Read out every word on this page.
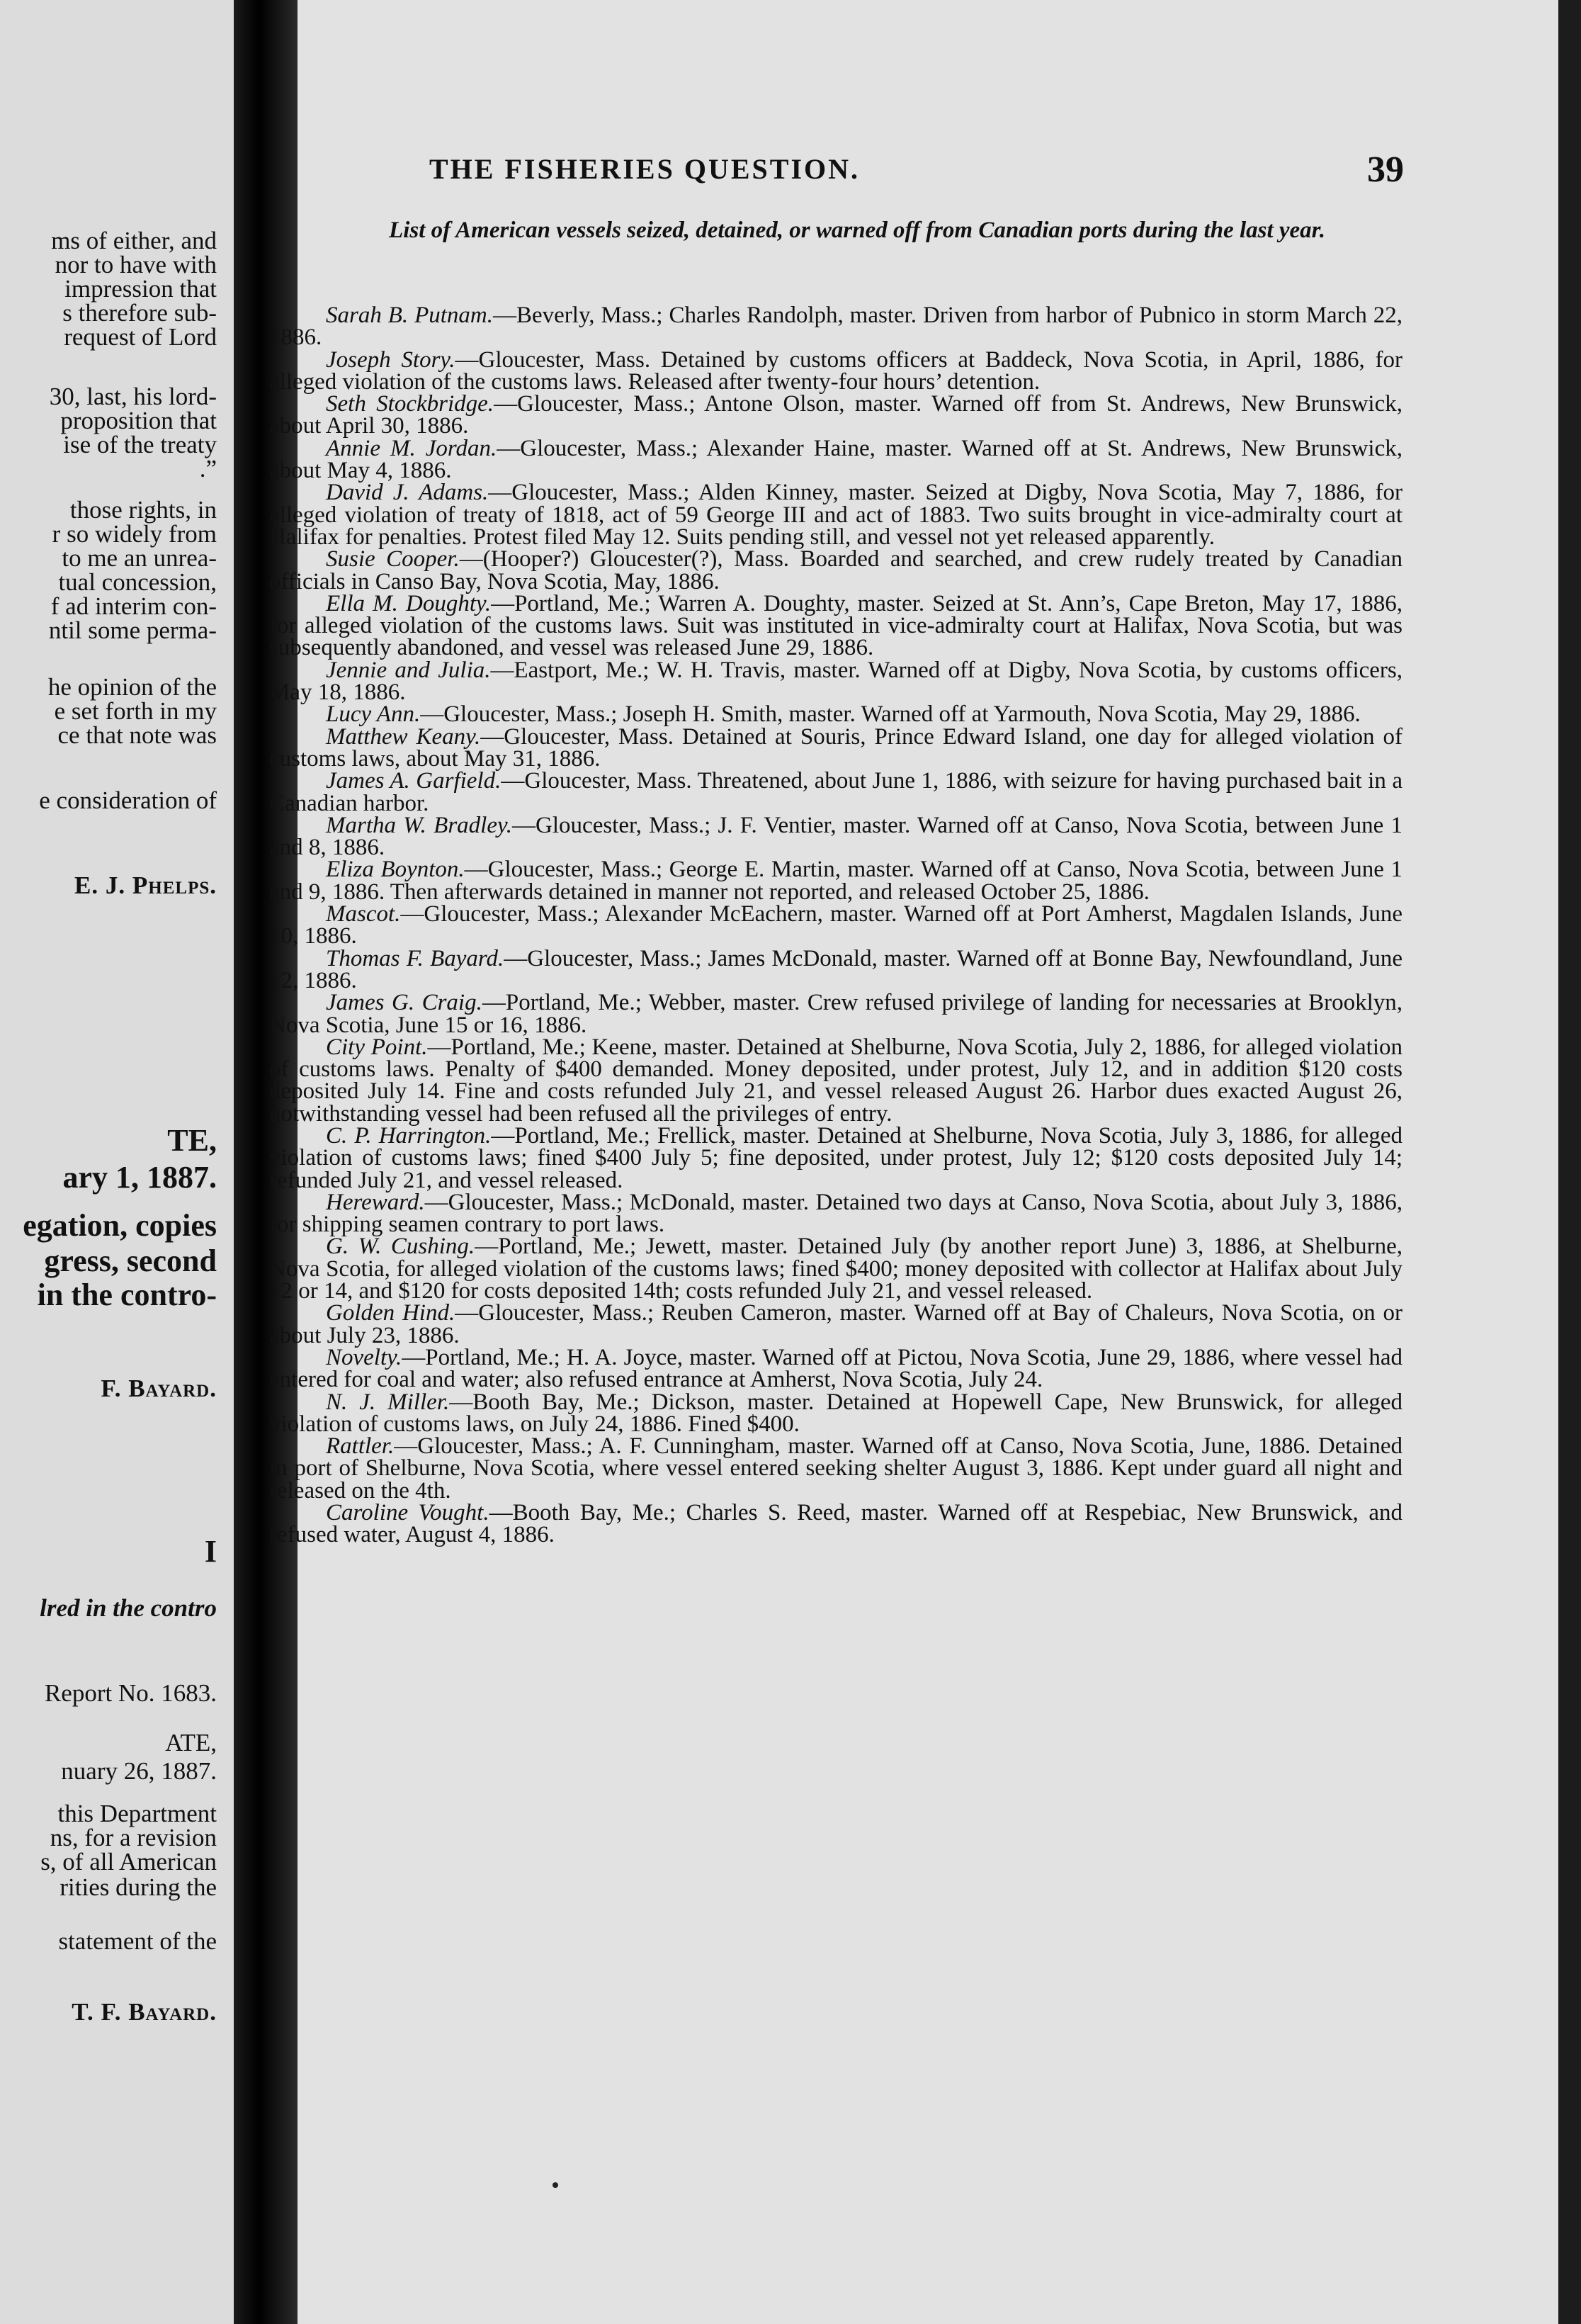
ms of either, and
nor to have with
impression that
s therefore sub-
request of Lord
30, last, his lord-
proposition that
ise of the treaty
.”
those rights, in
r so widely from
to me an unrea-
tual concession,
f ad interim con-
ntil some perma-
he opinion of the
e set forth in my
ce that note was
e consideration of
E. J. Phelps.
TE,
ary 1, 1887.
egation, copies
gress, second
in the contro-
F. Bayard.
I
lred in the contro
Report No. 1683.
ATE,
nuary 26, 1887.
this Department
ns, for a revision
s, of all American
rities during the
statement of the
T. F. Bayard.
THE FISHERIES QUESTION.	39
List of American vessels seized, detained, or warned off from Canadian ports during the last year.

Sarah B. Putnam.—Beverly, Mass.; Charles Randolph, master. Driven from harbor of Pubnico in storm March 22, 1886.

Joseph Story.—Gloucester, Mass. Detained by customs officers at Baddeck, Nova Scotia, in April, 1886, for alleged violation of the customs laws. Released after twenty-four hours’ detention.

Seth Stockbridge.—Gloucester, Mass.; Antone Olson, master. Warned off from St. Andrews, New Brunswick, about April 30, 1886.

Annie M. Jordan.—Gloucester, Mass.; Alexander Haine, master. Warned off at St. Andrews, New Brunswick, about May 4, 1886.

David J. Adams.—Gloucester, Mass.; Alden Kinney, master. Seized at Digby, Nova Scotia, May 7, 1886, for alleged violation of treaty of 1818, act of 59 George III and act of 1883. Two suits brought in vice-admiralty court at Halifax for penalties. Protest filed May 12. Suits pending still, and vessel not yet released apparently.

Susie Cooper.—(Hooper?) Gloucester(?), Mass. Boarded and searched, and crew rudely treated by Canadian officials in Canso Bay, Nova Scotia, May, 1886.

Ella M. Doughty.—Portland, Me.; Warren A. Doughty, master. Seized at St. Ann’s, Cape Breton, May 17, 1886, for alleged violation of the customs laws. Suit was instituted in vice-admiralty court at Halifax, Nova Scotia, but was subsequently abandoned, and vessel was released June 29, 1886.

Jennie and Julia.—Eastport, Me.; W. H. Travis, master. Warned off at Digby, Nova Scotia, by customs officers, May 18, 1886.

Lucy Ann.—Gloucester, Mass.; Joseph H. Smith, master. Warned off at Yarmouth, Nova Scotia, May 29, 1886.

Matthew Keany.—Gloucester, Mass. Detained at Souris, Prince Edward Island, one day for alleged violation of customs laws, about May 31, 1886.

James A. Garfield.—Gloucester, Mass. Threatened, about June 1, 1886, with seizure for having purchased bait in a Canadian harbor.

Martha W. Bradley.—Gloucester, Mass.; J. F. Ventier, master. Warned off at Canso, Nova Scotia, between June 1 and 8, 1886.

Eliza Boynton.—Gloucester, Mass.; George E. Martin, master. Warned off at Canso, Nova Scotia, between June 1 and 9, 1886. Then afterwards detained in manner not reported, and released October 25, 1886.

Mascot.—Gloucester, Mass.; Alexander McEachern, master. Warned off at Port Amherst, Magdalen Islands, June 10, 1886.

Thomas F. Bayard.—Gloucester, Mass.; James McDonald, master. Warned off at Bonne Bay, Newfoundland, June 12, 1886.

James G. Craig.—Portland, Me.; Webber, master. Crew refused privilege of landing for necessaries at Brooklyn, Nova Scotia, June 15 or 16, 1886.

City Point.—Portland, Me.; Keene, master. Detained at Shelburne, Nova Scotia, July 2, 1886, for alleged violation of customs laws. Penalty of $400 demanded. Money deposited, under protest, July 12, and in addition $120 costs deposited July 14. Fine and costs refunded July 21, and vessel released August 26. Harbor dues exacted August 26, notwithstanding vessel had been refused all the privileges of entry.

C. P. Harrington.—Portland, Me.; Frellick, master. Detained at Shelburne, Nova Scotia, July 3, 1886, for alleged violation of customs laws; fined $400 July 5; fine deposited, under protest, July 12; $120 costs deposited July 14; refunded July 21, and vessel released.

Hereward.—Gloucester, Mass.; McDonald, master. Detained two days at Canso, Nova Scotia, about July 3, 1886, for shipping seamen contrary to port laws.

G. W. Cushing.—Portland, Me.; Jewett, master. Detained July (by another report June) 3, 1886, at Shelburne, Nova Scotia, for alleged violation of the customs laws; fined $400; money deposited with collector at Halifax about July 12 or 14, and $120 for costs deposited 14th; costs refunded July 21, and vessel released.

Golden Hind.—Gloucester, Mass.; Reuben Cameron, master. Warned off at Bay of Chaleurs, Nova Scotia, on or about July 23, 1886.

Novelty.—Portland, Me.; H. A. Joyce, master. Warned off at Pictou, Nova Scotia, June 29, 1886, where vessel had entered for coal and water; also refused entrance at Amherst, Nova Scotia, July 24.

N. J. Miller.—Booth Bay, Me.; Dickson, master. Detained at Hopewell Cape, New Brunswick, for alleged violation of customs laws, on July 24, 1886. Fined $400.

Rattler.—Gloucester, Mass.; A. F. Cunningham, master. Warned off at Canso, Nova Scotia, June, 1886. Detained in port of Shelburne, Nova Scotia, where vessel entered seeking shelter August 3, 1886. Kept under guard all night and released on the 4th.

Caroline Vought.—Booth Bay, Me.; Charles S. Reed, master. Warned off at Respebiac, New Brunswick, and refused water, August 4, 1886.
